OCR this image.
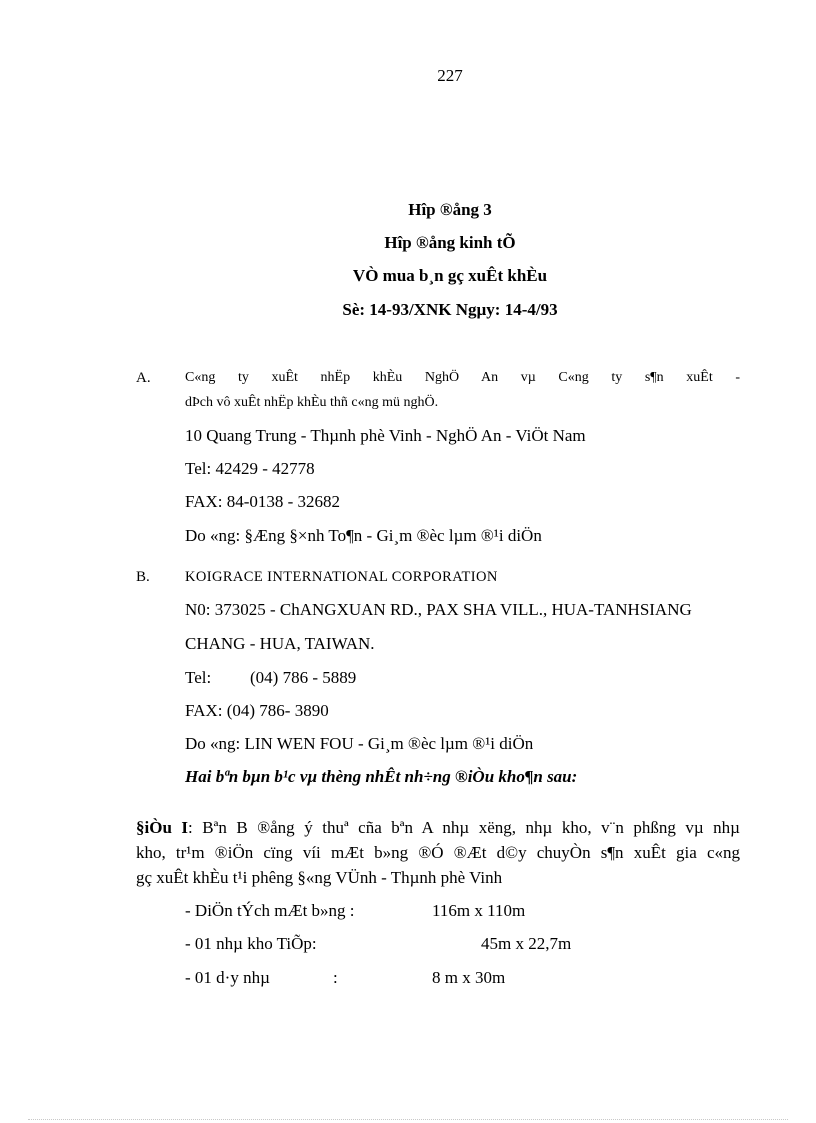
227
Hîp ®ång 3
Hîp ®ång kinh tÕ
VÒ mua b¸n gç xuÊt khÈu
Sè: 14-93/XNK Ngµy: 14-4/93
A. C«ng ty xuÊt nhËp khÈu NghÖ An vµ C«ng ty s¶n xuÊt -
dÞch vô xuÊt nhËp khÈu thñ c«ng mü nghÖ.
10 Quang Trung - Thµnh phè Vinh - NghÖ An - ViÖt Nam
Tel: 42429 - 42778
FAX: 84-0138 - 32682
Do «ng: §Æng §×nh To¶n - Gi¸m ®èc lµm ®¹i diÖn
B. KOIGRACE INTERNATIONAL CORPORATION
N0: 373025 - ChANGXUAN RD., PAX SHA VILL., HUA-TANHSIANG
CHANG - HUA, TAIWAN.
Tel: (04) 786 - 5889
FAX: (04) 786- 3890
Do «ng: LIN WEN FOU - Gi¸m ®èc lµm ®¹i diÖn
Hai bªn bµn b¹c vµ thèng nhÊt nh÷ng ®iÒu kho¶n sau:
§iÒu I: Bªn B ®ång ý thuª cña bªn A nhµ xëng, nhµ kho, v¨n phßng vµ nhµ
kho, tr¹m ®iÖn cïng víi mÆt b»ng ®Ó ®Æt d©y chuyÒn s¶n xuÊt gia c«ng
gç xuÊt khÈu t¹i phêng §«ng VÜnh - Thµnh phè Vinh
- DiÖn tÝch mÆt b»ng :	116m x 110m
- 01 nhµ kho TiÕp:	45m x 22,7m
- 01 d·y nhµ	:	8 m x 30m
